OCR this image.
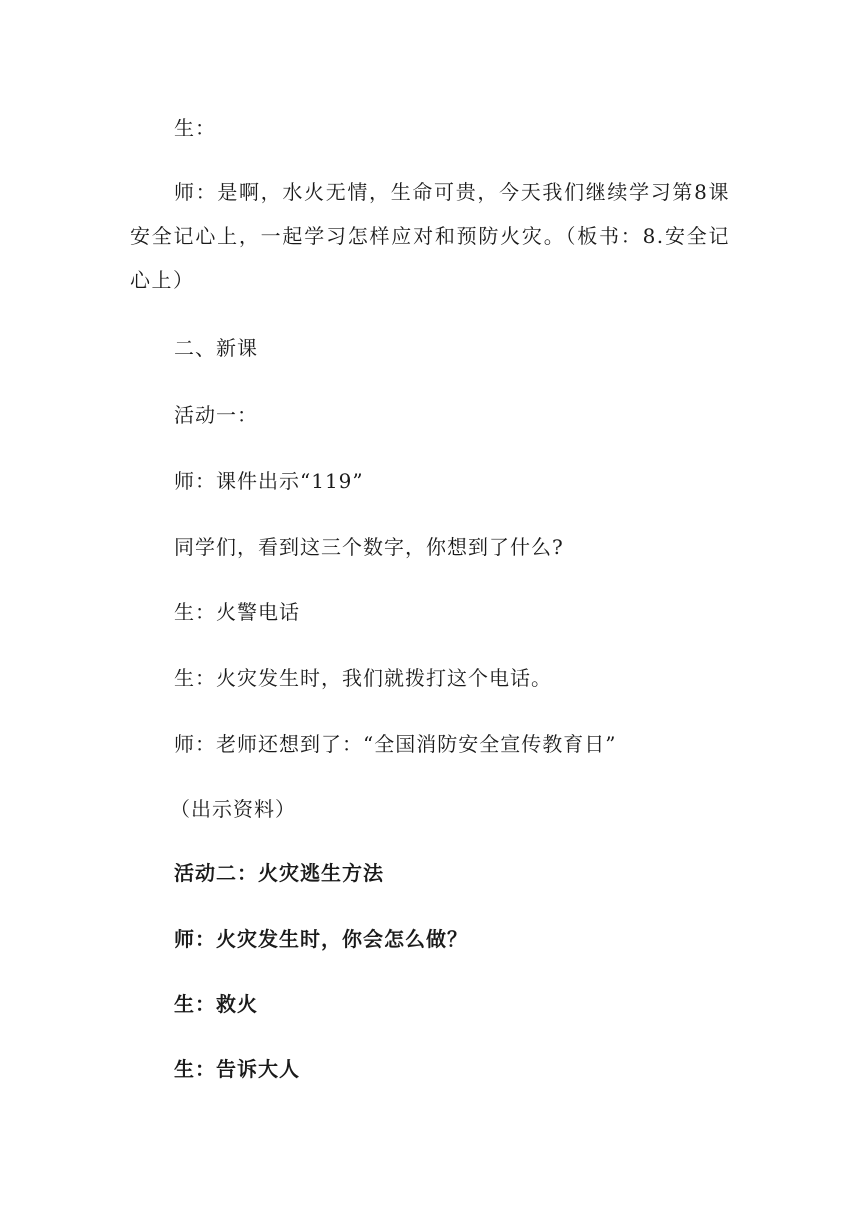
生：
师：是啊，水火无情，生命可贵，今天我们继续学习第8课安全记心上，一起学习怎样应对和预防火灾。（板书：8.安全记心上）
二、新课
活动一：
师：课件出示“119”
同学们，看到这三个数字，你想到了什么?
生：火警电话
生：火灾发生时，我们就拨打这个电话。
师：老师还想到了：“全国消防安全宣传教育日”
（出示资料）
活动二：火灾逃生方法
师：火灾发生时，你会怎么做？
生：救火
生：告诉大人
